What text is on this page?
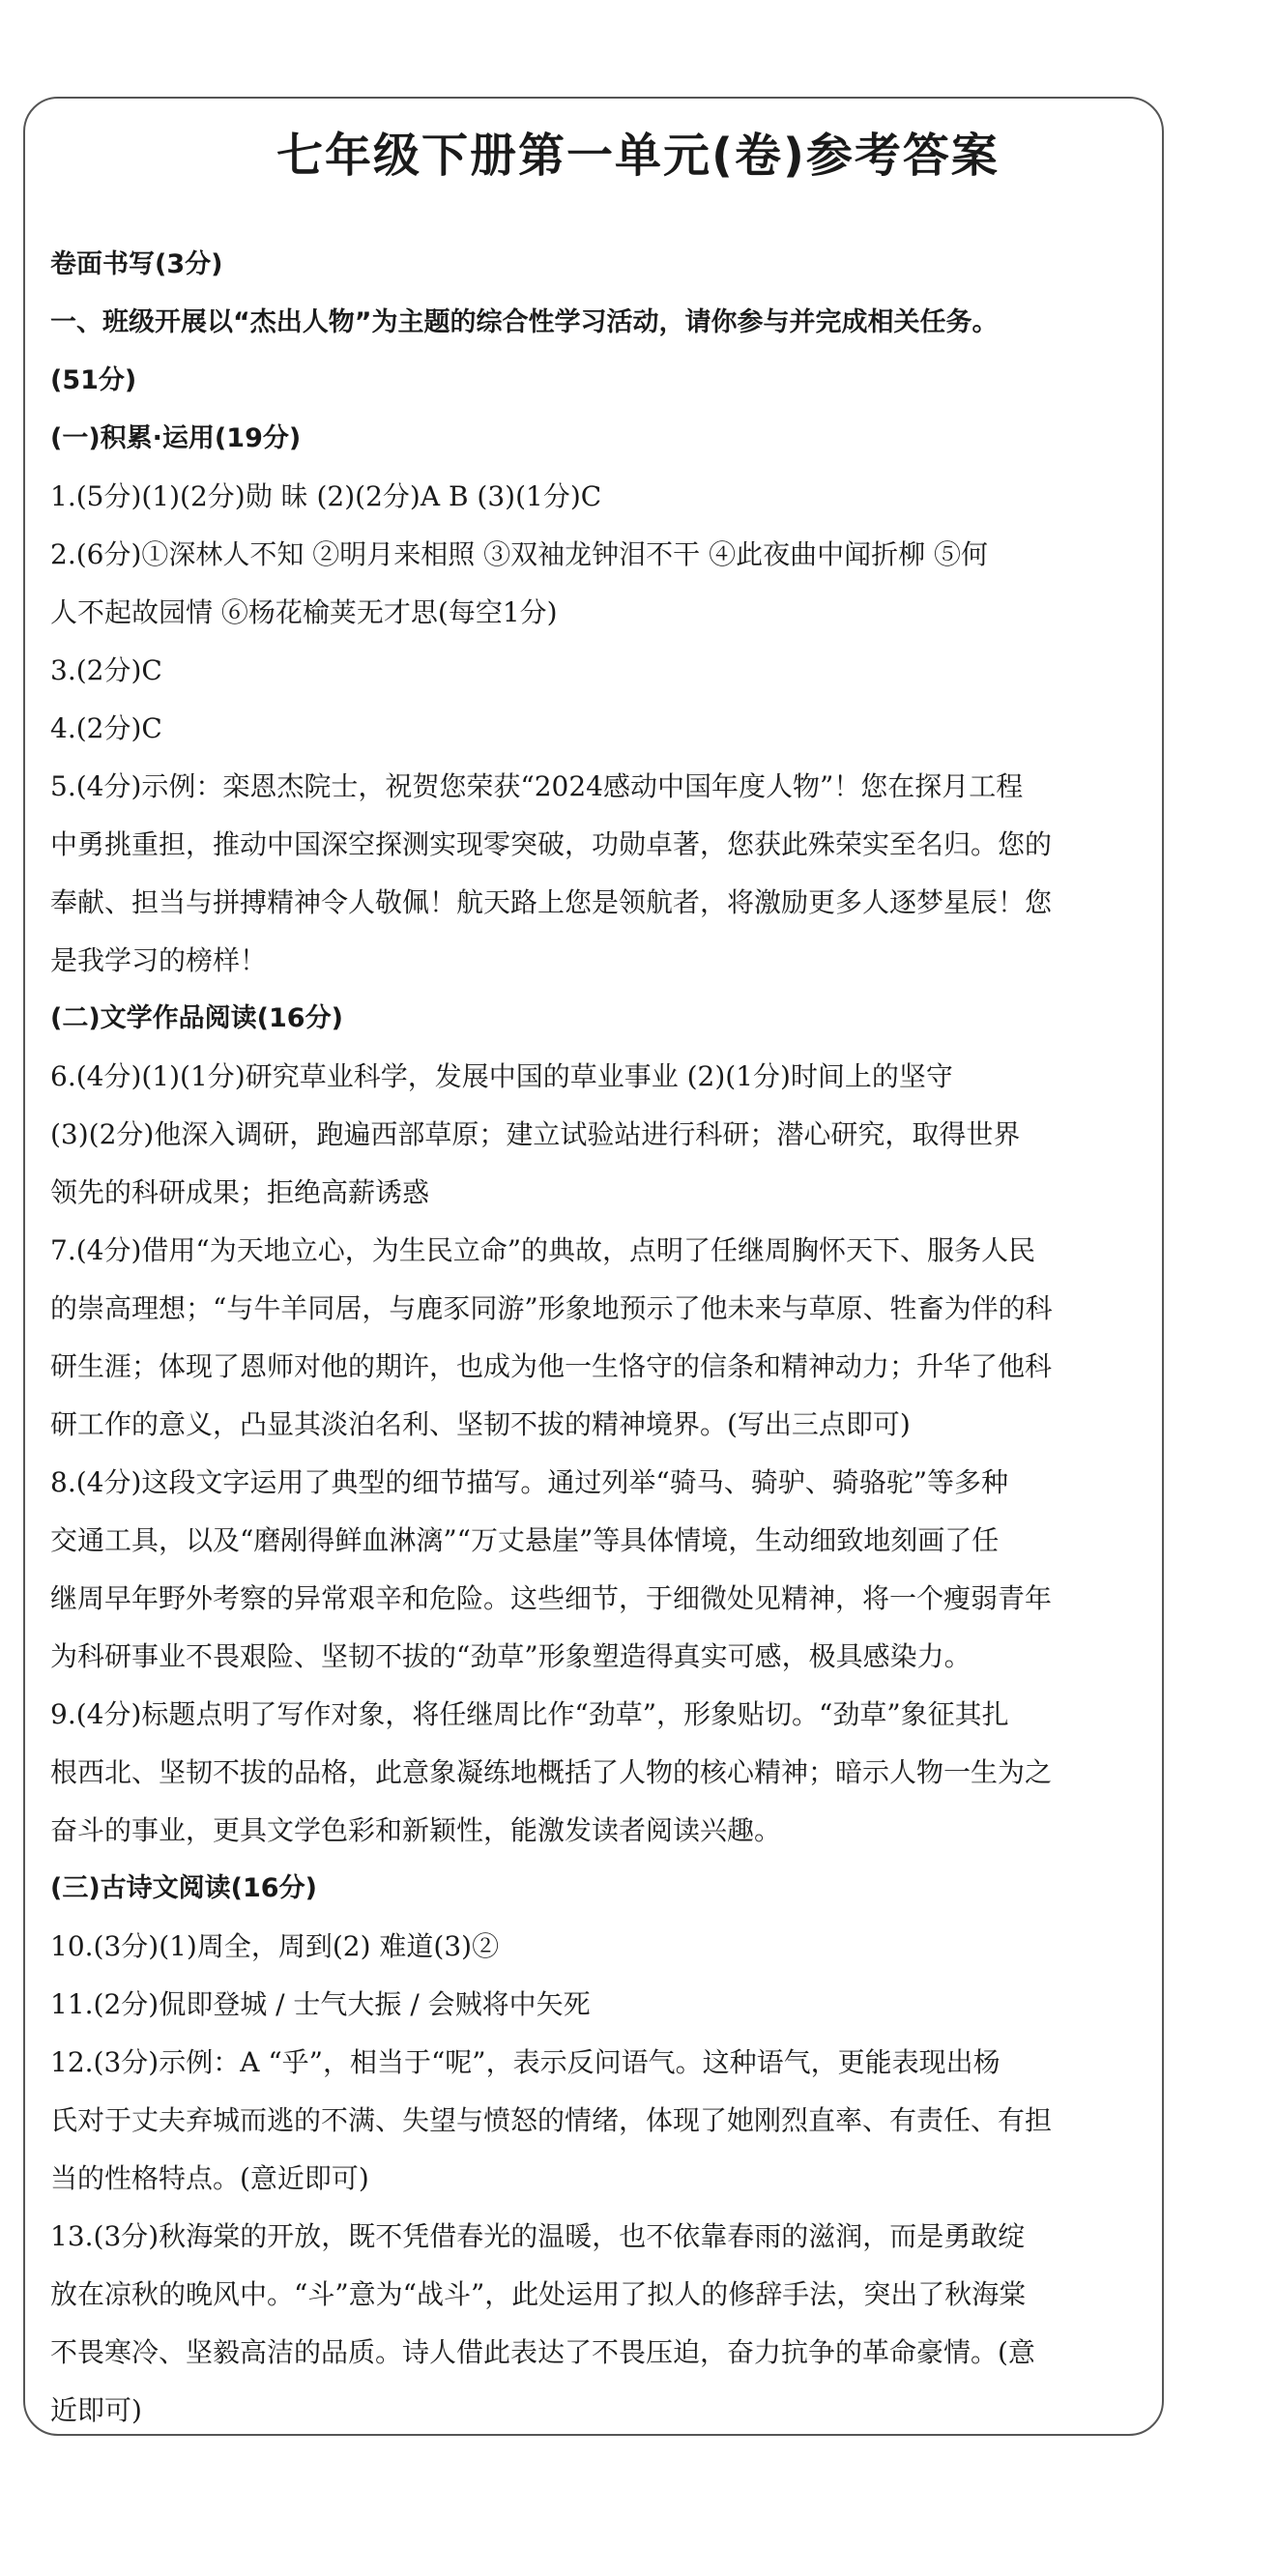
七年级下册第一单元(卷)参考答案
卷面书写(3分)
一、班级开展以“杰出人物”为主题的综合性学习活动，请你参与并完成相关任务。
(51分)
(一)积累·运用(19分)
1.(5分)(1)(2分)勋 昧 (2)(2分)A B (3)(1分)C
2.(6分)①深林人不知 ②明月来相照 ③双袖龙钟泪不干 ④此夜曲中闻折柳 ⑤何
人不起故园情 ⑥杨花榆荚无才思(每空1分)
3.(2分)C
4.(2分)C
5.(4分)示例：栾恩杰院士，祝贺您荣获“2024感动中国年度人物”！您在探月工程
中勇挑重担，推动中国深空探测实现零突破，功勋卓著，您获此殊荣实至名归。您的
奉献、担当与拼搏精神令人敬佩！航天路上您是领航者，将激励更多人逐梦星辰！您
是我学习的榜样！
(二)文学作品阅读(16分)
6.(4分)(1)(1分)研究草业科学，发展中国的草业事业 (2)(1分)时间上的坚守
(3)(2分)他深入调研，跑遍西部草原；建立试验站进行科研；潜心研究，取得世界
领先的科研成果；拒绝高薪诱惑
7.(4分)借用“为天地立心，为生民立命”的典故，点明了任继周胸怀天下、服务人民
的崇高理想；“与牛羊同居，与鹿豕同游”形象地预示了他未来与草原、牲畜为伴的科
研生涯；体现了恩师对他的期许，也成为他一生恪守的信条和精神动力；升华了他科
研工作的意义，凸显其淡泊名利、坚韧不拔的精神境界。(写出三点即可)
8.(4分)这段文字运用了典型的细节描写。通过列举“骑马、骑驴、骑骆驼”等多种
交通工具，以及“磨剐得鲜血淋漓”“万丈悬崖”等具体情境，生动细致地刻画了任
继周早年野外考察的异常艰辛和危险。这些细节，于细微处见精神，将一个瘦弱青年
为科研事业不畏艰险、坚韧不拔的“劲草”形象塑造得真实可感，极具感染力。
9.(4分)标题点明了写作对象，将任继周比作“劲草”，形象贴切。“劲草”象征其扎
根西北、坚韧不拔的品格，此意象凝练地概括了人物的核心精神；暗示人物一生为之
奋斗的事业，更具文学色彩和新颖性，能激发读者阅读兴趣。
(三)古诗文阅读(16分)
10.(3分)(1)周全，周到(2) 难道(3)②
11.(2分)侃即登城 / 士气大振 / 会贼将中矢死
12.(3分)示例：A “乎”，相当于“呢”，表示反问语气。这种语气，更能表现出杨
氏对于丈夫弃城而逃的不满、失望与愤怒的情绪，体现了她刚烈直率、有责任、有担
当的性格特点。(意近即可)
13.(3分)秋海棠的开放，既不凭借春光的温暖，也不依靠春雨的滋润，而是勇敢绽
放在凉秋的晚风中。“斗”意为“战斗”，此处运用了拟人的修辞手法，突出了秋海棠
不畏寒冷、坚毅高洁的品质。诗人借此表达了不畏压迫，奋力抗争的革命豪情。(意
近即可)
